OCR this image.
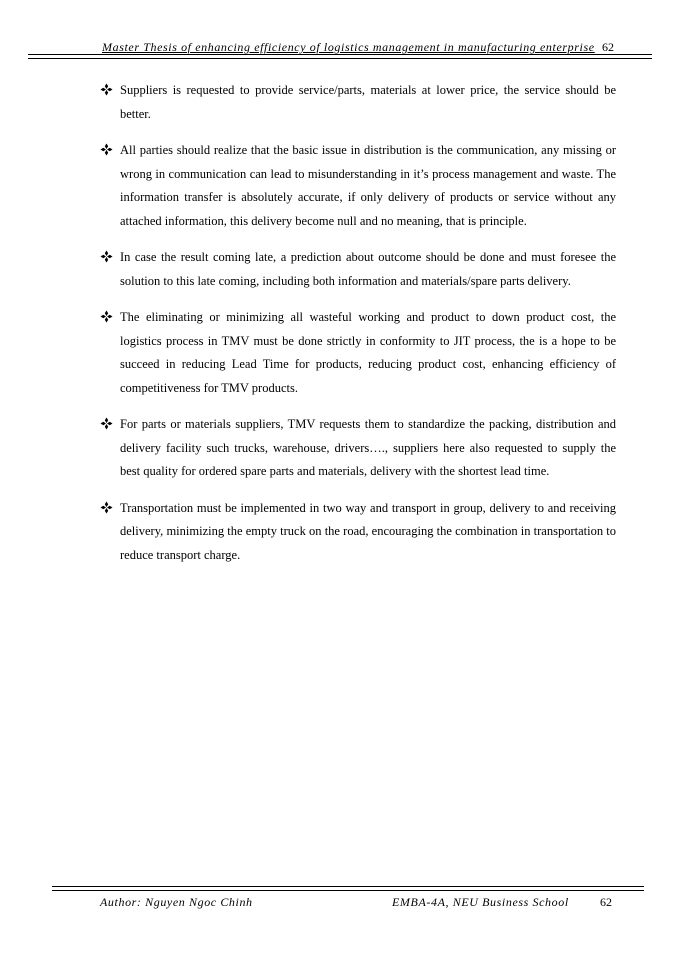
Master Thesis of enhancing efficiency of logistics management in manufacturing enterprise 62
Suppliers is requested to provide service/parts, materials at lower price, the service should be better.
All parties should realize that the basic issue in distribution is the communication, any missing or wrong in communication can lead to misunderstanding in it’s process management and waste. The information transfer is absolutely accurate, if only delivery of products or service without any attached information, this delivery become null and no meaning, that is principle.
In case the result coming late, a prediction about outcome should be done and must foresee the solution to this late coming, including both information and materials/spare parts delivery.
The eliminating or minimizing all wasteful working and product to down product cost, the logistics process in TMV must be done strictly in conformity to JIT process, the is a hope to be succeed in reducing Lead Time for products, reducing product cost, enhancing efficiency of competitiveness for TMV products.
For parts or materials suppliers, TMV requests them to standardize the packing, distribution and delivery facility such trucks, warehouse, drivers…., suppliers here also requested to supply the best quality for ordered spare parts and materials, delivery with the shortest lead time.
Transportation must be implemented in two way and transport in group, delivery to and receiving delivery, minimizing the empty truck on the road, encouraging the combination in transportation to reduce transport charge.
Author: Nguyen Ngoc Chinh	EMBA-4A, NEU Business School	62
